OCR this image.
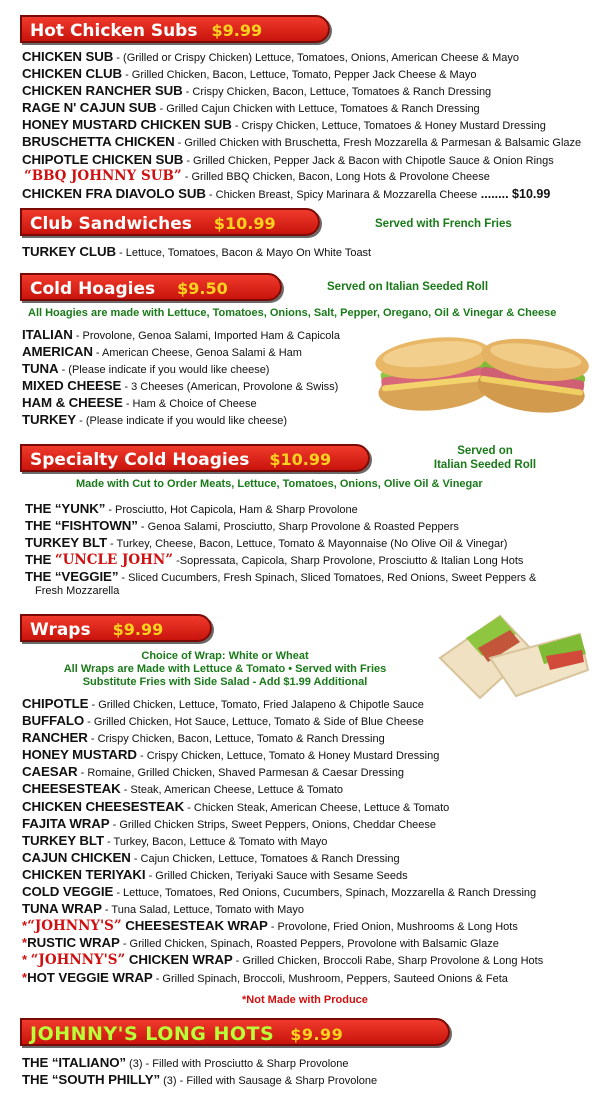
Hot Chicken Subs $9.99
CHICKEN SUB - (Grilled or Crispy Chicken) Lettuce, Tomatoes, Onions, American Cheese & Mayo
CHICKEN CLUB - Grilled Chicken, Bacon, Lettuce, Tomato, Pepper Jack Cheese & Mayo
CHICKEN RANCHER SUB - Crispy Chicken, Bacon, Lettuce, Tomatoes & Ranch Dressing
RAGE N' CAJUN SUB - Grilled Cajun Chicken with Lettuce, Tomatoes & Ranch Dressing
HONEY MUSTARD CHICKEN SUB - Crispy Chicken, Lettuce, Tomatoes & Honey Mustard Dressing
BRUSCHETTA CHICKEN - Grilled Chicken with Bruschetta, Fresh Mozzarella & Parmesan & Balsamic Glaze
CHIPOTLE CHICKEN SUB - Grilled Chicken, Pepper Jack & Bacon with Chipotle Sauce & Onion Rings
“BBQ JOHNNY SUB” - Grilled BBQ Chicken, Bacon, Long Hots & Provolone Cheese
CHICKEN FRA DIAVOLO SUB - Chicken Breast, Spicy Marinara & Mozzarella Cheese ........ $10.99
Club Sandwiches $10.99	Served with French Fries
TURKEY CLUB - Lettuce, Tomatoes, Bacon & Mayo On White Toast
Cold Hoagies $9.50	Served on Italian Seeded Roll
All Hoagies are made with Lettuce, Tomatoes, Onions, Salt, Pepper, Oregano, Oil & Vinegar & Cheese
ITALIAN - Provolone, Genoa Salami, Imported Ham & Capicola
AMERICAN - American Cheese, Genoa Salami & Ham
TUNA - (Please indicate if you would like cheese)
MIXED CHEESE - 3 Cheeses (American, Provolone & Swiss)
HAM & CHEESE - Ham & Choice of Cheese
TURKEY - (Please indicate if you would like cheese)
Specialty Cold Hoagies $10.99	Served on
Italian Seeded Roll
Made with Cut to Order Meats, Lettuce, Tomatoes, Onions, Olive Oil & Vinegar
THE “YUNK” - Prosciutto, Hot Capicola, Ham & Sharp Provolone
THE “FISHTOWN” - Genoa Salami, Prosciutto, Sharp Provolone & Roasted Peppers
TURKEY BLT - Turkey, Cheese, Bacon, Lettuce, Tomato & Mayonnaise (No Olive Oil & Vinegar)
THE “UNCLE JOHN” -Sopressata, Capicola, Sharp Provolone, Prosciutto & Italian Long Hots
THE “VEGGIE” - Sliced Cucumbers, Fresh Spinach, Sliced Tomatoes, Red Onions, Sweet Peppers &
Fresh Mozzarella
Wraps $9.99
Choice of Wrap: White or Wheat
All Wraps are Made with Lettuce & Tomato • Served with Fries
Substitute Fries with Side Salad - Add $1.99 Additional
CHIPOTLE - Grilled Chicken, Lettuce, Tomato, Fried Jalapeno & Chipotle Sauce
BUFFALO - Grilled Chicken, Hot Sauce, Lettuce, Tomato & Side of Blue Cheese
RANCHER - Crispy Chicken, Bacon, Lettuce, Tomato & Ranch Dressing
HONEY MUSTARD - Crispy Chicken, Lettuce, Tomato & Honey Mustard Dressing
CAESAR - Romaine, Grilled Chicken, Shaved Parmesan & Caesar Dressing
CHEESESTEAK - Steak, American Cheese, Lettuce & Tomato
CHICKEN CHEESESTEAK - Chicken Steak, American Cheese, Lettuce & Tomato
FAJITA WRAP - Grilled Chicken Strips, Sweet Peppers, Onions, Cheddar Cheese
TURKEY BLT - Turkey, Bacon, Lettuce & Tomato with Mayo
CAJUN CHICKEN - Cajun Chicken, Lettuce, Tomatoes & Ranch Dressing
CHICKEN TERIYAKI - Grilled Chicken, Teriyaki Sauce with Sesame Seeds
COLD VEGGIE - Lettuce, Tomatoes, Red Onions, Cucumbers, Spinach, Mozzarella & Ranch Dressing
TUNA WRAP - Tuna Salad, Lettuce, Tomato with Mayo
*“JOHNNY'S” CHEESESTEAK WRAP - Provolone, Fried Onion, Mushrooms & Long Hots
*RUSTIC WRAP - Grilled Chicken, Spinach, Roasted Peppers, Provolone with Balsamic Glaze
* “JOHNNY'S” CHICKEN WRAP - Grilled Chicken, Broccoli Rabe, Sharp Provolone & Long Hots
*HOT VEGGIE WRAP - Grilled Spinach, Broccoli, Mushroom, Peppers, Sauteed Onions & Feta
*Not Made with Produce
JOHNNY'S LONG HOTS $9.99
THE “ITALIANO” (3) - Filled with Prosciutto & Sharp Provolone
THE “SOUTH PHILLY” (3) - Filled with Sausage & Sharp Provolone
